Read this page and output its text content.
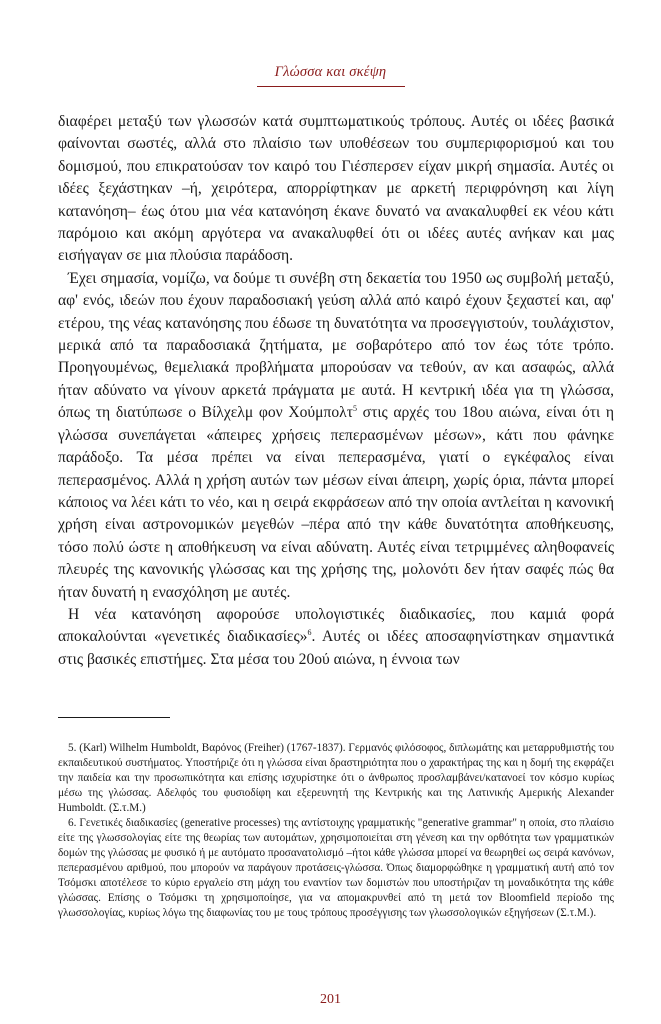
Γλώσσα και σκέψη

διαφέρει μεταξύ των γλωσσών κατά συμπτωματικούς τρόπους. Αυτές οι ιδέες βασικά φαίνονται σωστές, αλλά στο πλαίσιο των υποθέσεων του συμπεριφορισμού και του δομισμού, που επικρατούσαν τον καιρό του Γιέσπερσεν είχαν μικρή σημασία. Αυτές οι ιδέες ξεχάστηκαν –ή, χειρότερα, απορρίφτηκαν με αρκετή περιφρόνηση και λίγη κατανόηση– έως ότου μια νέα κατανόηση έκανε δυνατό να ανακαλυφθεί εκ νέου κάτι παρόμοιο και ακόμη αργότερα να ανακαλυφθεί ότι οι ιδέες αυτές ανήκαν και μας εισήγαγαν σε μια πλούσια παράδοση.

Έχει σημασία, νομίζω, να δούμε τι συνέβη στη δεκαετία του 1950 ως συμβολή μεταξύ, αφ' ενός, ιδεών που έχουν παραδοσιακή γεύση αλλά από καιρό έχουν ξεχαστεί και, αφ' ετέρου, της νέας κατανόησης που έδωσε τη δυνατότητα να προσεγγιστούν, τουλάχιστον, μερικά από τα παραδοσιακά ζητήματα, με σοβαρότερο από τον έως τότε τρόπο. Προηγουμένως, θεμελιακά προβλήματα μπορούσαν να τεθούν, αν και ασαφώς, αλλά ήταν αδύνατο να γίνουν αρκετά πράγματα με αυτά. Η κεντρική ιδέα για τη γλώσσα, όπως τη διατύπωσε ο Βίλχελμ φον Χούμπολτ$^5$ στις αρχές του 18ου αιώνα, είναι ότι η γλώσσα συνεπάγεται «άπειρες χρήσεις πεπερασμένων μέσων», κάτι που φάνηκε παράδοξο. Τα μέσα πρέπει να είναι πεπερασμένα, γιατί ο εγκέφαλος είναι πεπερασμένος. Αλλά η χρήση αυτών των μέσων είναι άπειρη, χωρίς όρια, πάντα μπορεί κάποιος να λέει κάτι το νέο, και η σειρά εκφράσεων από την οποία αντλείται η κανονική χρήση είναι αστρονομικών μεγεθών –πέρα από την κάθε δυνατότητα αποθήκευσης, τόσο πολύ ώστε η αποθήκευση να είναι αδύνατη. Αυτές είναι τετριμμένες αληθοφανείς πλευρές της κανονικής γλώσσας και της χρήσης της, μολονότι δεν ήταν σαφές πώς θα ήταν δυνατή η ενασχόληση με αυτές.

Η νέα κατανόηση αφορούσε υπολογιστικές διαδικασίες, που καμιά φορά αποκαλούνται «γενετικές διαδικασίες»$^6$. Αυτές οι ιδέες αποσαφηνίστηκαν σημαντικά στις βασικές επιστήμες. Στα μέσα του 20ού αιώνα, η έννοια των

5. (Karl) Wilhelm Humboldt, Βαρόνος (Freiher) (1767-1837). Γερμανός φιλόσοφος, διπλωμάτης και μεταρρυθμιστής του εκπαιδευτικού συστήματος. Υποστήριζε ότι η γλώσσα είναι δραστηριότητα που ο χαρακτήρας της και η δομή της εκφράζει την παιδεία και την προσωπικότητα και επίσης ισχυρίστηκε ότι ο άνθρωπος προσλαμβάνει/κατανοεί τον κόσμο κυρίως μέσω της γλώσσας. Αδελφός του φυσιοδίφη και εξερευνητή της Κεντρικής και της Λατινικής Αμερικής Alexander Humboldt. (Σ.τ.Μ.)

6. Γενετικές διαδικασίες (generative processes) της αντίστοιχης γραμματικής "generative grammar" η οποία, στο πλαίσιο είτε της γλωσσολογίας είτε της θεωρίας των αυτομάτων, χρησιμοποιείται στη γένεση και την ορθότητα των γραμματικών δομών της γλώσσας με φυσικό ή με αυτόματο προσανατολισμό –ήτοι κάθε γλώσσα μπορεί να θεωρηθεί ως σειρά κανόνων, πεπερασμένου αριθμού, που μπορούν να παράγουν προτάσεις-γλώσσα. Όπως διαμορφώθηκε η γραμματική αυτή από τον Τσόμσκι αποτέλεσε το κύριο εργαλείο στη μάχη του εναντίον των δομιστών που υποστήριζαν τη μοναδικότητα της κάθε γλώσσας. Επίσης ο Τσόμσκι τη χρησιμοποίησε, για να απομακρυνθεί από τη μετά τον Bloomfield περίοδο της γλωσσολογίας, κυρίως λόγω της διαφωνίας του με τους τρόπους προσέγγισης των γλωσσολογικών εξηγήσεων (Σ.τ.Μ.).

201
